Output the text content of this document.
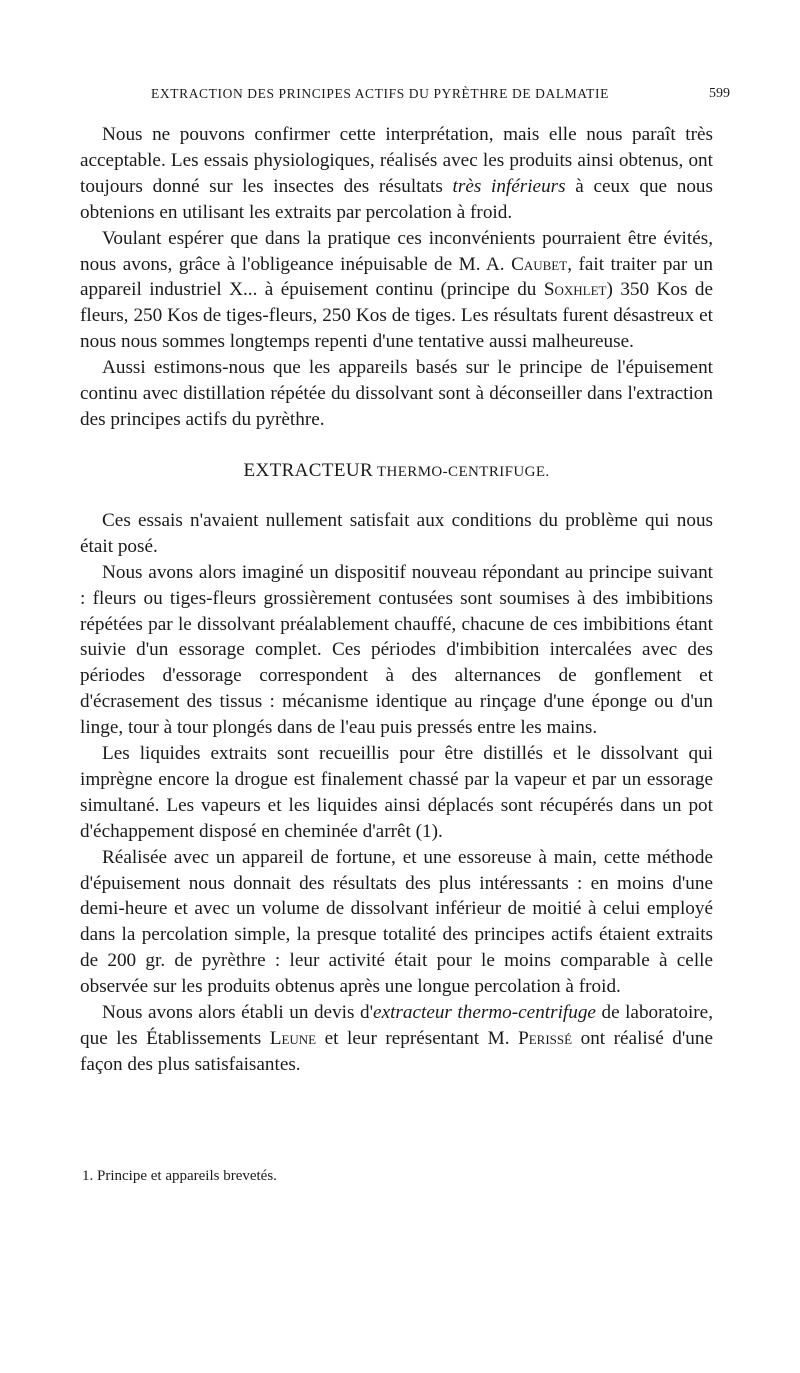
EXTRACTION DES PRINCIPES ACTIFS DU PYRÈTHRE DE DALMATIE	599

Nous ne pouvons confirmer cette interprétation, mais elle nous paraît très acceptable. Les essais physiologiques, réalisés avec les produits ainsi obtenus, ont toujours donné sur les insectes des résultats très inférieurs à ceux que nous obtenions en utilisant les extraits par percolation à froid.

Voulant espérer que dans la pratique ces inconvénients pourraient être évités, nous avons, grâce à l'obligeance inépuisable de M. A. Caubet, fait traiter par un appareil industriel X... à épuisement continu (principe du Soxhlet) 350 Kos de fleurs, 250 Kos de tiges-fleurs, 250 Kos de tiges. Les résultats furent désastreux et nous nous sommes longtemps repenti d'une tentative aussi malheureuse.

Aussi estimons-nous que les appareils basés sur le principe de l'épuisement continu avec distillation répétée du dissolvant sont à déconseiller dans l'extraction des principes actifs du pyrèthre.

EXTRACTEUR THERMO-CENTRIFUGE.

Ces essais n'avaient nullement satisfait aux conditions du problème qui nous était posé.

Nous avons alors imaginé un dispositif nouveau répondant au principe suivant : fleurs ou tiges-fleurs grossièrement contusées sont soumises à des imbibitions répétées par le dissolvant préalablement chauffé, chacune de ces imbibitions étant suivie d'un essorage complet. Ces périodes d'imbibition intercalées avec des périodes d'essorage correspondent à des alternances de gonflement et d'écrasement des tissus : mécanisme identique au rinçage d'une éponge ou d'un linge, tour à tour plongés dans de l'eau puis pressés entre les mains.

Les liquides extraits sont recueillis pour être distillés et le dissolvant qui imprègne encore la drogue est finalement chassé par la vapeur et par un essorage simultané. Les vapeurs et les liquides ainsi déplacés sont récupérés dans un pot d'échappement disposé en cheminée d'arrêt (1).

Réalisée avec un appareil de fortune, et une essoreuse à main, cette méthode d'épuisement nous donnait des résultats des plus intéressants : en moins d'une demi-heure et avec un volume de dissolvant inférieur de moitié à celui employé dans la percolation simple, la presque totalité des principes actifs étaient extraits de 200 gr. de pyrèthre : leur activité était pour le moins comparable à celle observée sur les produits obtenus après une longue percolation à froid.

Nous avons alors établi un devis d'extracteur thermo-centrifuge de laboratoire, que les Établissements Leune et leur représentant M. Perissé ont réalisé d'une façon des plus satisfaisantes.

1. Principe et appareils brevetés.
